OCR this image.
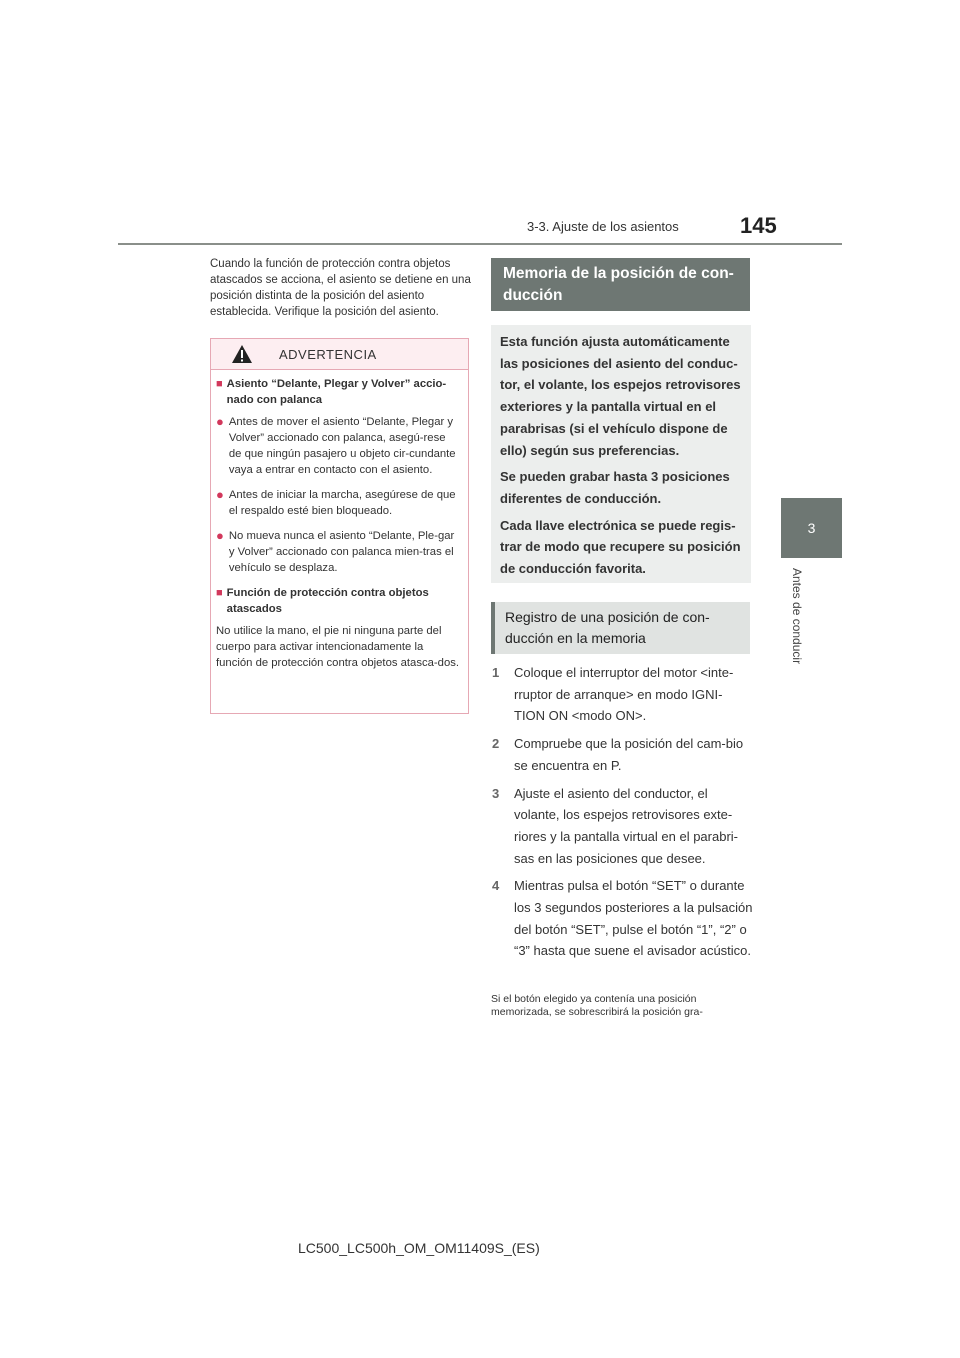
3-3. Ajuste de los asientos	145
3
Antes de conducir
Cuando la función de protección contra objetos atascados se acciona, el asiento se detiene en una posición distinta de la posición del asiento establecida. Verifique la posición del asiento.
ADVERTENCIA
■ Asiento “Delante, Plegar y Volver” accio-nado con palanca
● Antes de mover el asiento “Delante, Plegar y Volver” accionado con palanca, asegú-rese de que ningún pasajero u objeto cir-cundante vaya a entrar en contacto con el asiento.
● Antes de iniciar la marcha, asegúrese de que el respaldo esté bien bloqueado.
● No mueva nunca el asiento “Delante, Ple-gar y Volver” accionado con palanca mien-tras el vehículo se desplaza.
■ Función de protección contra objetos atascados
No utilice la mano, el pie ni ninguna parte del cuerpo para activar intencionadamente la función de protección contra objetos atasca-dos.
Memoria de la posición de con-ducción

Esta función ajusta automáticamente las posiciones del asiento del conduc-tor, el volante, los espejos retrovisores exteriores y la pantalla virtual en el parabrisas (si el vehículo dispone de ello) según sus preferencias.

Se pueden grabar hasta 3 posiciones diferentes de conducción.

Cada llave electrónica se puede regis-trar de modo que recupere su posición de conducción favorita.

Registro de una posición de con-ducción en la memoria
1	Coloque el interruptor del motor <inte-rruptor de arranque> en modo IGNI-TION ON <modo ON>.
2	Compruebe que la posición del cam-bio se encuentra en P.
3	Ajuste el asiento del conductor, el volante, los espejos retrovisores exte-riores y la pantalla virtual en el parabri-sas en las posiciones que desee.
4	Mientras pulsa el botón “SET” o durante los 3 segundos posteriores a la pulsación del botón “SET”, pulse el botón “1”, “2” o “3” hasta que suene el avisador acústico.
Si el botón elegido ya contenía una posición memorizada, se sobrescribirá la posición gra-
LC500_LC500h_OM_OM11409S_(ES)
